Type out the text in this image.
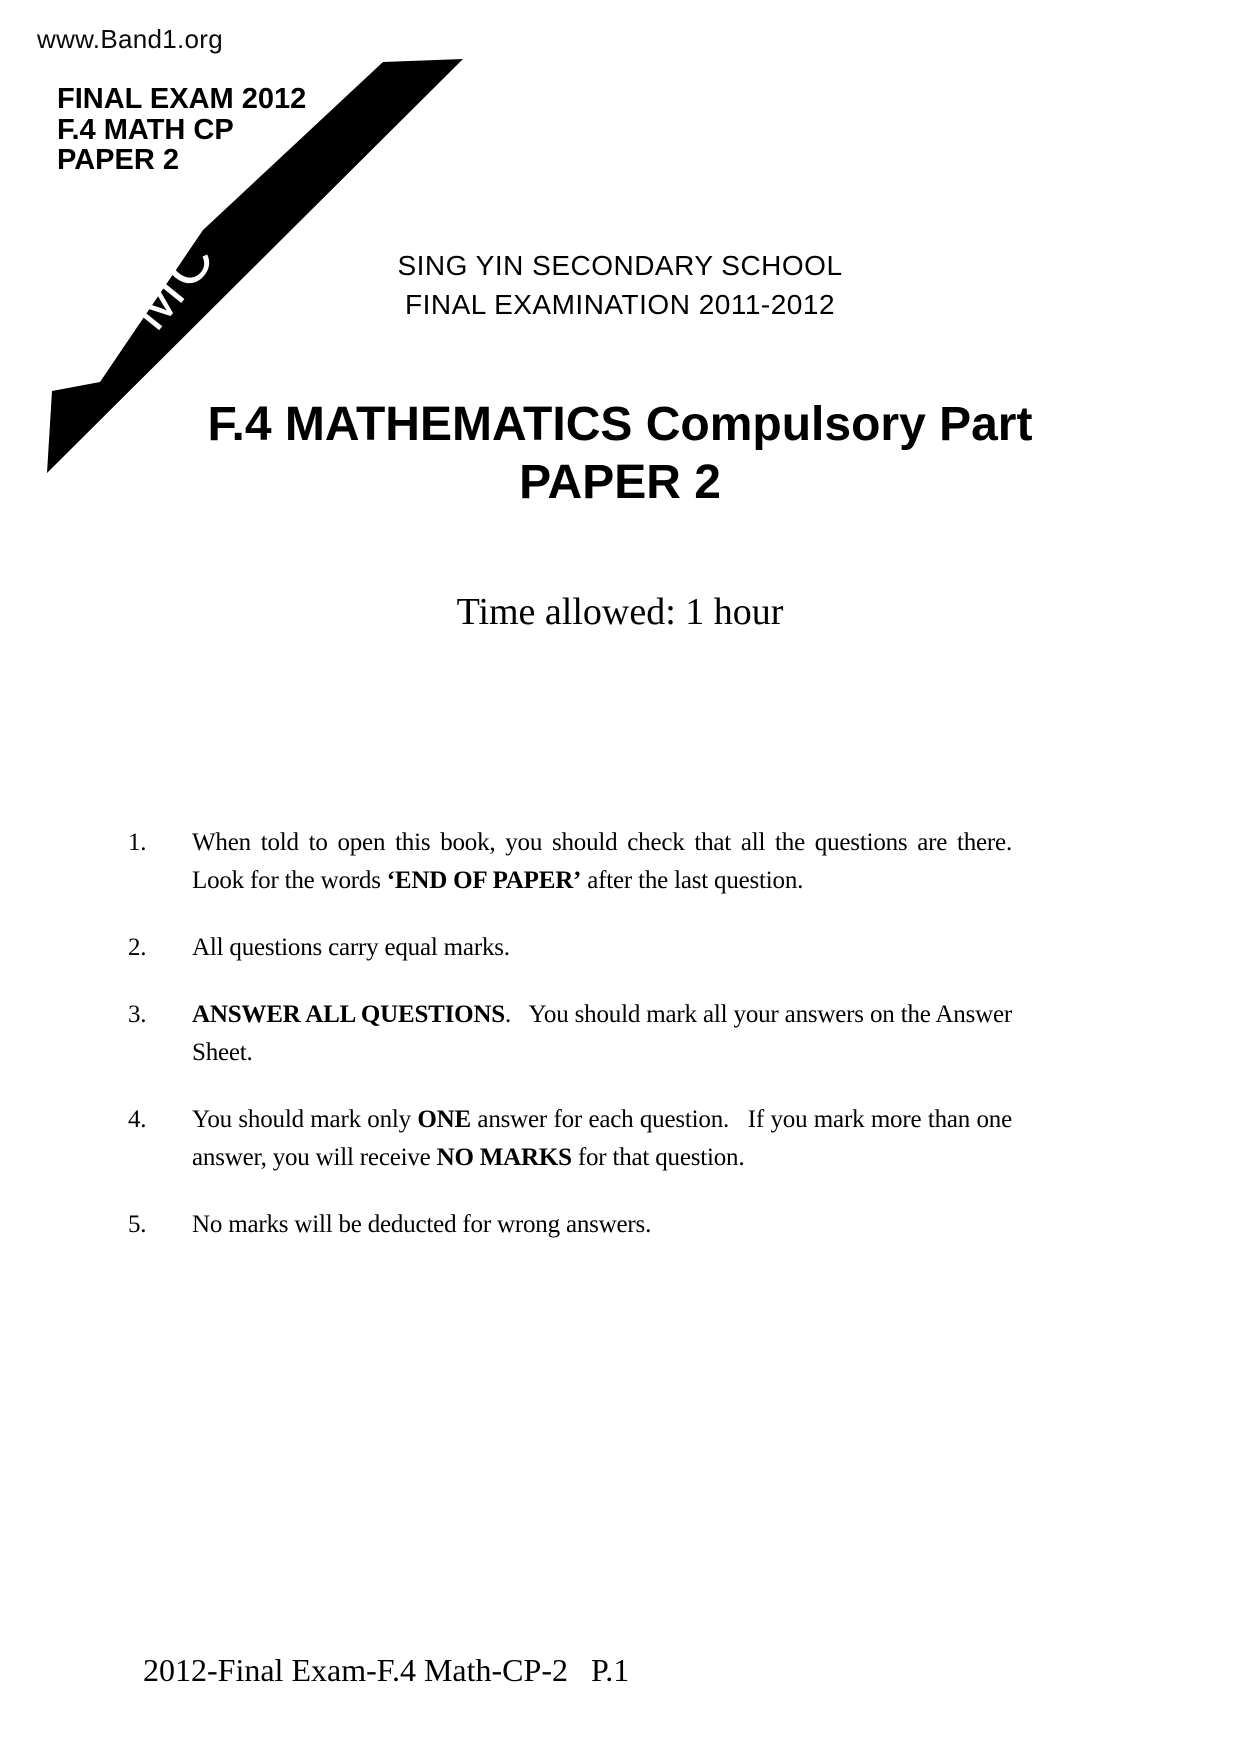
www.Band1.org
MC
FINAL EXAM 2012
F.4 MATH CP
PAPER 2
SING YIN SECONDARY SCHOOL
FINAL EXAMINATION 2011-2012
F.4 MATHEMATICS Compulsory Part
PAPER 2
Time allowed: 1 hour
1.	When told to open this book, you should check that all the questions are there. Look for the words ‘END OF PAPER’ after the last question.
2.	All questions carry equal marks.
3.	ANSWER ALL QUESTIONS.  You should mark all your answers on the Answer Sheet.
4.	You should mark only ONE answer for each question.  If you mark more than one answer, you will receive NO MARKS for that question.
5.	No marks will be deducted for wrong answers.
2012-Final Exam-F.4 Math-CP-2 P.1
